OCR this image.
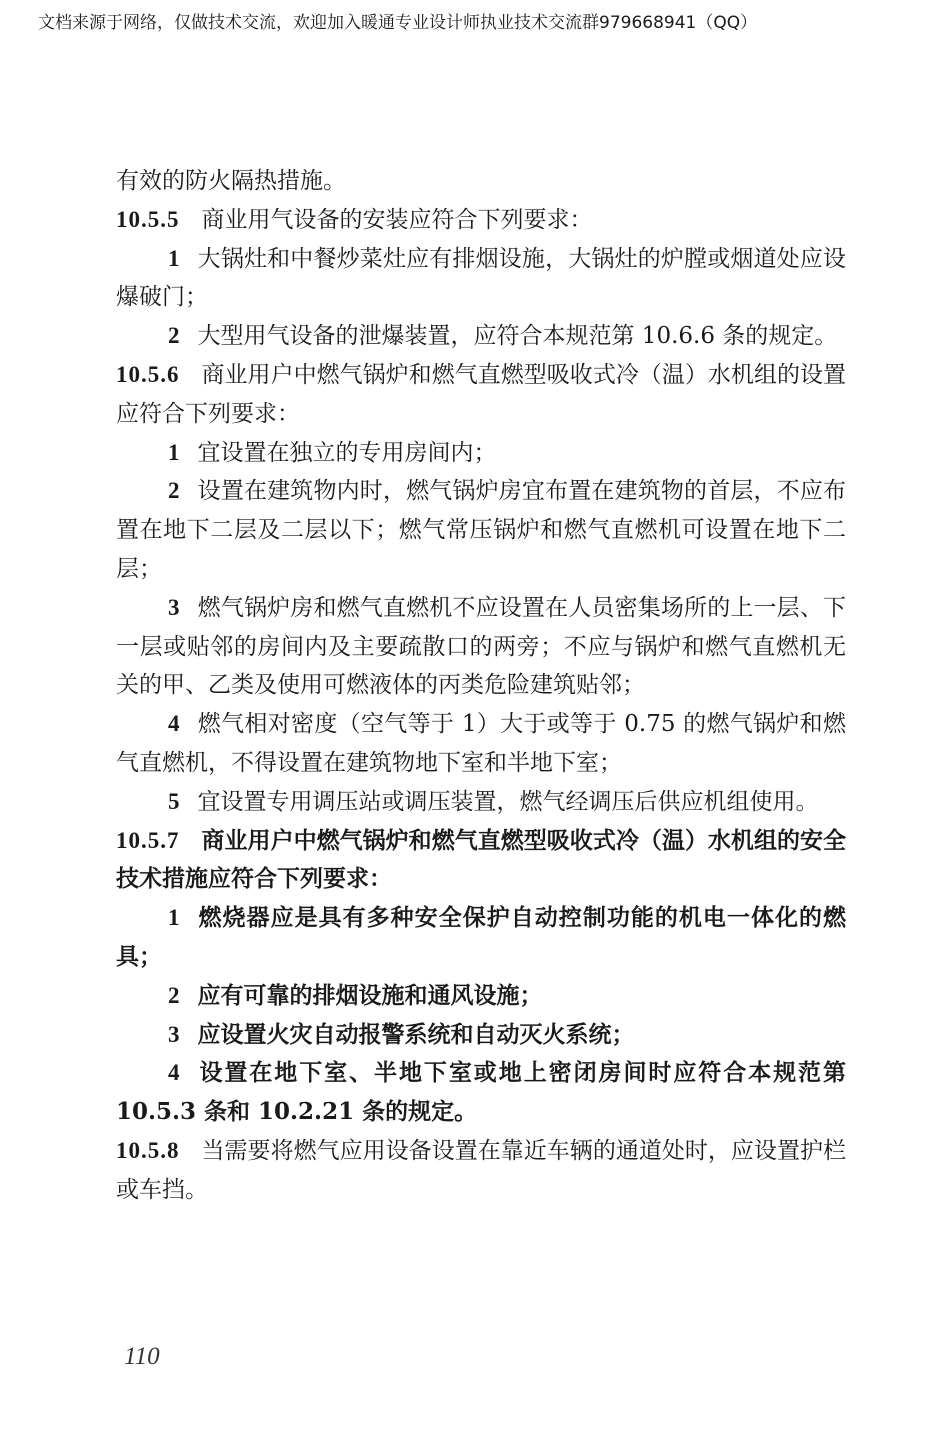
文档来源于网络，仅做技术交流，欢迎加入暖通专业设计师执业技术交流群979668941（QQ）

有效的防火隔热措施。

10.5.5 商业用气设备的安装应符合下列要求：

1 大锅灶和中餐炒菜灶应有排烟设施，大锅灶的炉膛或烟道处应设爆破门；

2 大型用气设备的泄爆装置，应符合本规范第 10.6.6 条的规定。

10.5.6 商业用户中燃气锅炉和燃气直燃型吸收式冷（温）水机组的设置应符合下列要求：

1 宜设置在独立的专用房间内；

2 设置在建筑物内时，燃气锅炉房宜布置在建筑物的首层，不应布置在地下二层及二层以下；燃气常压锅炉和燃气直燃机可设置在地下二层；

3 燃气锅炉房和燃气直燃机不应设置在人员密集场所的上一层、下一层或贴邻的房间内及主要疏散口的两旁；不应与锅炉和燃气直燃机无关的甲、乙类及使用可燃液体的丙类危险建筑贴邻；

4 燃气相对密度（空气等于 1）大于或等于 0.75 的燃气锅炉和燃气直燃机，不得设置在建筑物地下室和半地下室；

5 宜设置专用调压站或调压装置，燃气经调压后供应机组使用。

10.5.7 商业用户中燃气锅炉和燃气直燃型吸收式冷（温）水机组的安全技术措施应符合下列要求：

1 燃烧器应是具有多种安全保护自动控制功能的机电一体化的燃具；

2 应有可靠的排烟设施和通风设施；

3 应设置火灾自动报警系统和自动灭火系统；

4 设置在地下室、半地下室或地上密闭房间时应符合本规范第 10.5.3 条和 10.2.21 条的规定。

10.5.8 当需要将燃气应用设备设置在靠近车辆的通道处时，应设置护栏或车挡。

110
